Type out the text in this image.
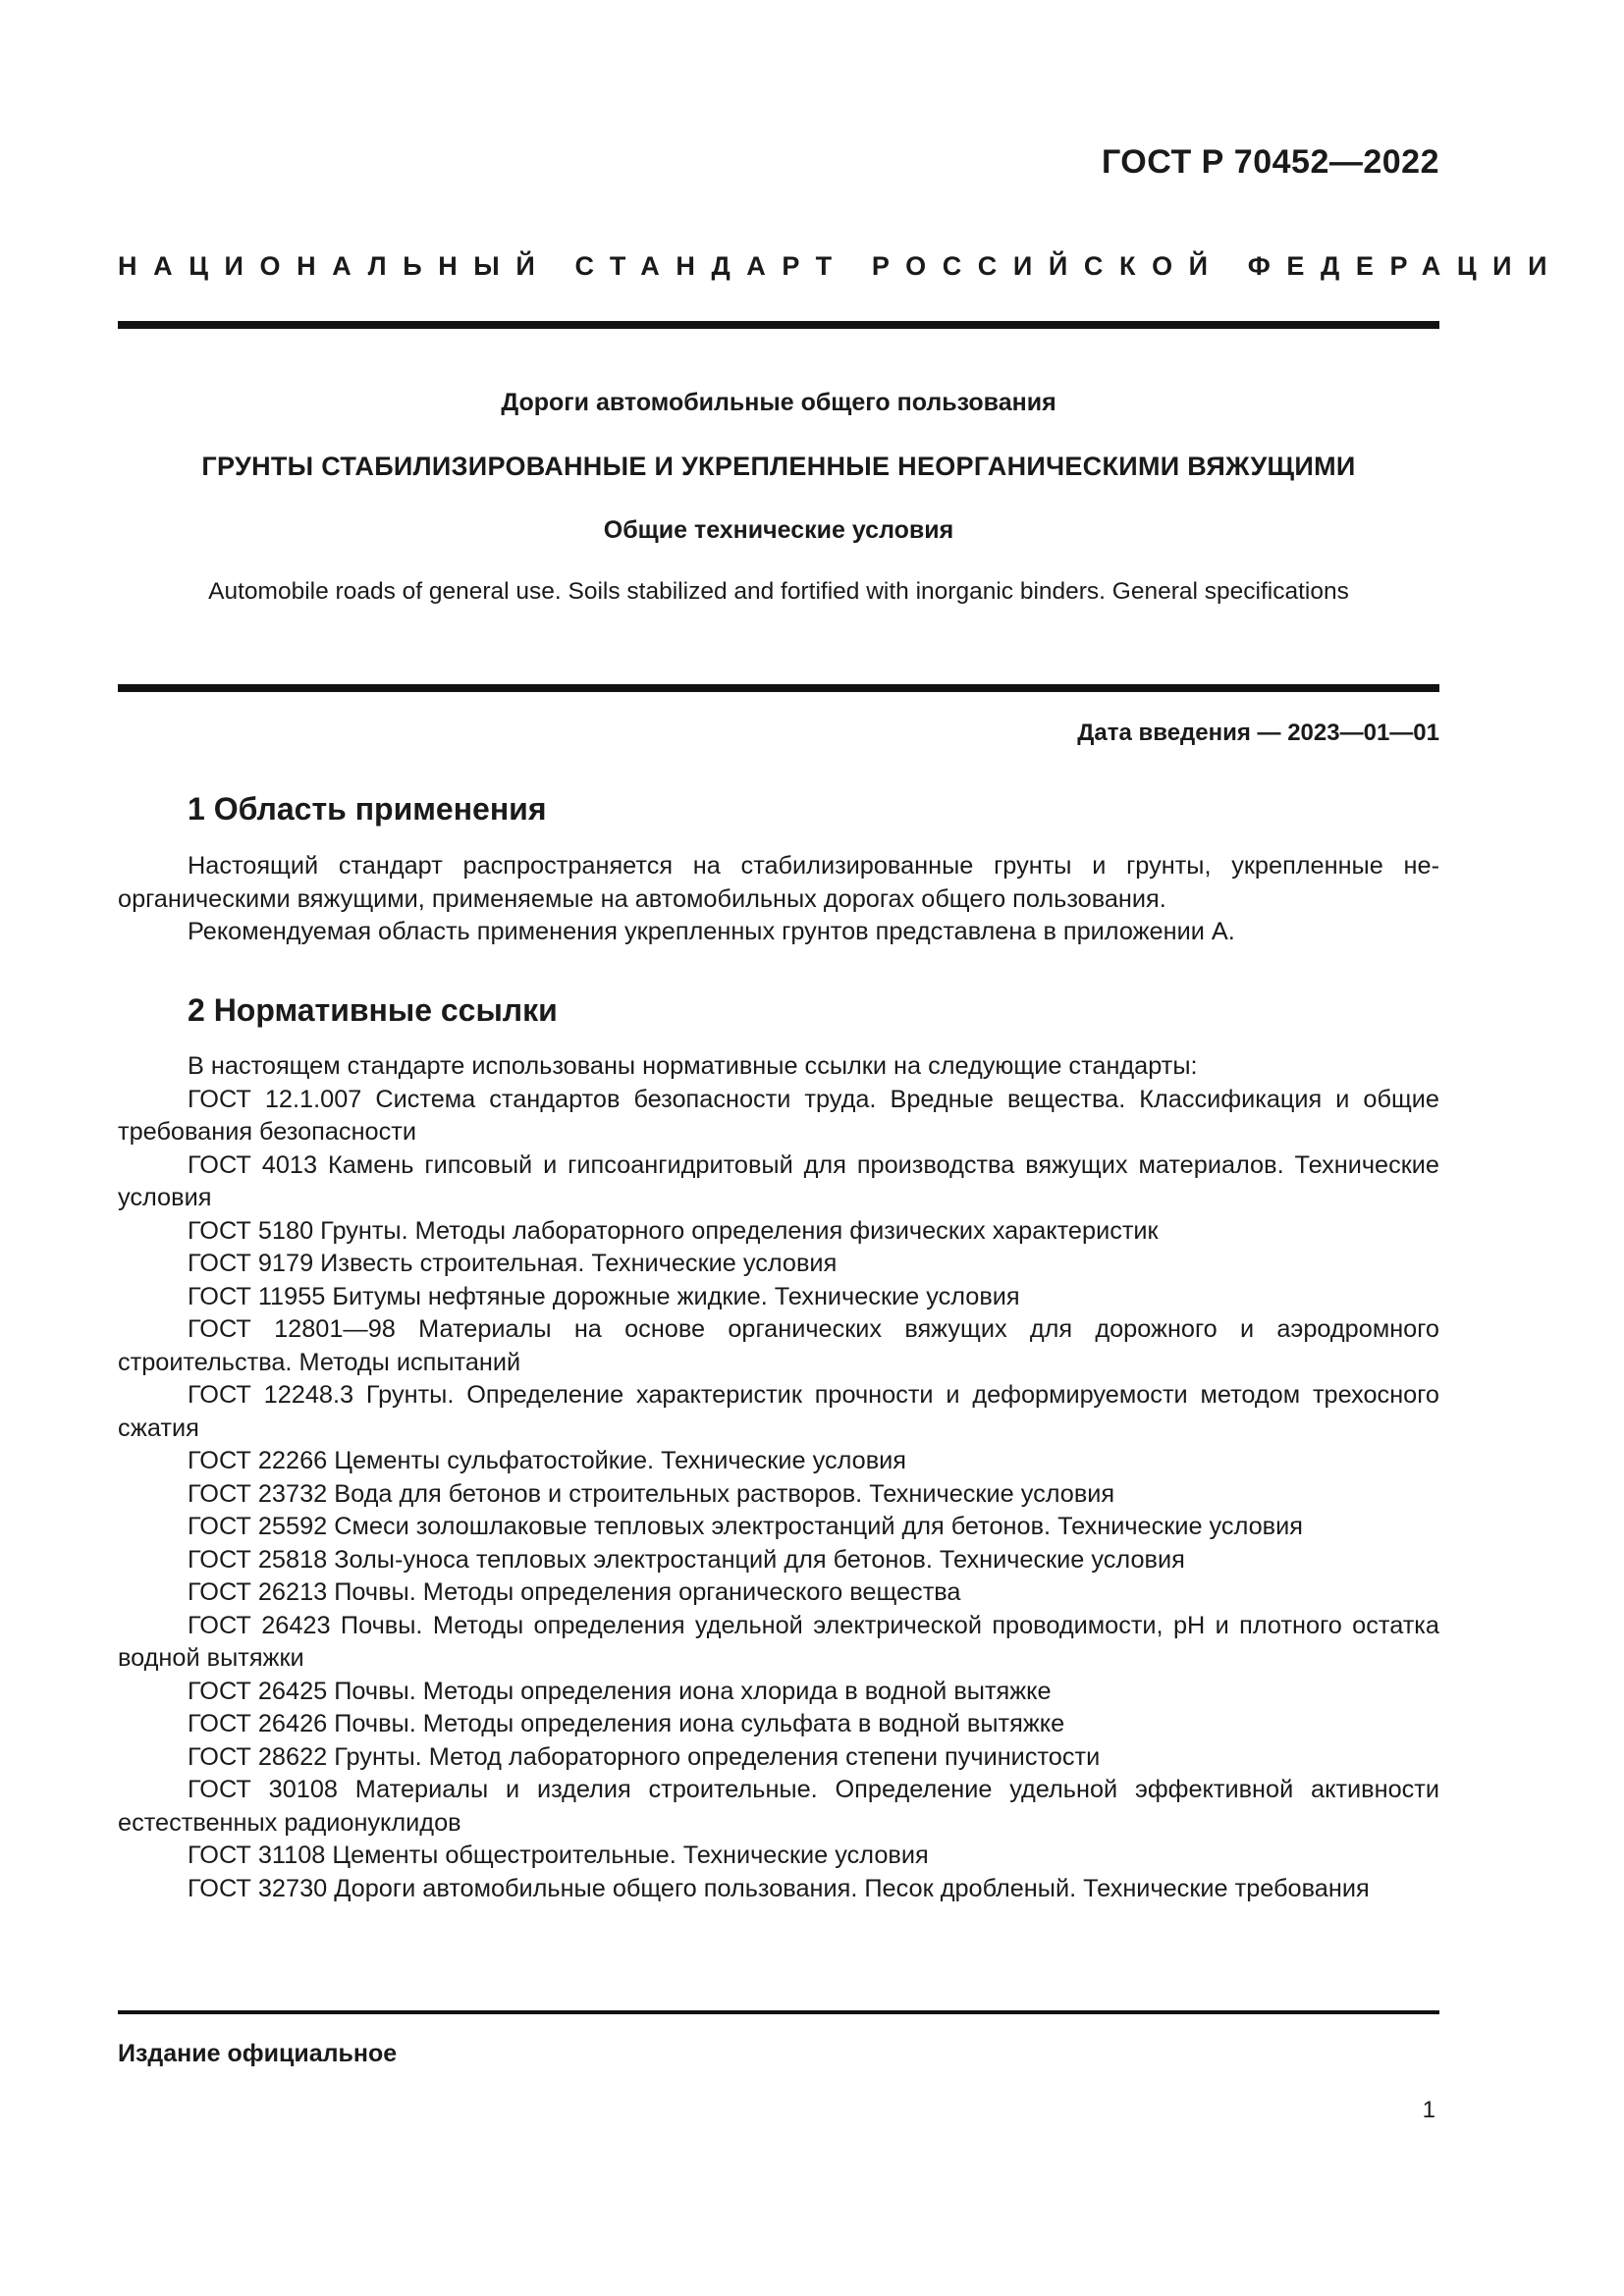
ГОСТ Р 70452—2022
НАЦИОНАЛЬНЫЙ СТАНДАРТ РОССИЙСКОЙ ФЕДЕРАЦИИ
Дороги автомобильные общего пользования
ГРУНТЫ СТАБИЛИЗИРОВАННЫЕ И УКРЕПЛЕННЫЕ НЕОРГАНИЧЕСКИМИ ВЯЖУЩИМИ
Общие технические условия
Automobile roads of general use. Soils stabilized and fortified with inorganic binders. General specifications
Дата введения — 2023—01—01
1 Область применения

Настоящий стандарт распространяется на стабилизированные грунты и грунты, укрепленные неорганическими вяжущими, применяемые на автомобильных дорогах общего пользования.

Рекомендуемая область применения укрепленных грунтов представлена в приложении А.

2 Нормативные ссылки

В настоящем стандарте использованы нормативные ссылки на следующие стандарты:

ГОСТ 12.1.007 Система стандартов безопасности труда. Вредные вещества. Классификация и общие требования безопасности

ГОСТ 4013 Камень гипсовый и гипсоангидритовый для производства вяжущих материалов. Технические условия

ГОСТ 5180 Грунты. Методы лабораторного определения физических характеристик

ГОСТ 9179 Известь строительная. Технические условия

ГОСТ 11955 Битумы нефтяные дорожные жидкие. Технические условия

ГОСТ 12801—98 Материалы на основе органических вяжущих для дорожного и аэродромного строительства. Методы испытаний

ГОСТ 12248.3 Грунты. Определение характеристик прочности и деформируемости методом трехосного сжатия

ГОСТ 22266 Цементы сульфатостойкие. Технические условия

ГОСТ 23732 Вода для бетонов и строительных растворов. Технические условия

ГОСТ 25592 Смеси золошлаковые тепловых электростанций для бетонов. Технические условия

ГОСТ 25818 Золы-уноса тепловых электростанций для бетонов. Технические условия

ГОСТ 26213 Почвы. Методы определения органического вещества

ГОСТ 26423 Почвы. Методы определения удельной электрической проводимости, рН и плотного остатка водной вытяжки

ГОСТ 26425 Почвы. Методы определения иона хлорида в водной вытяжке

ГОСТ 26426 Почвы. Методы определения иона сульфата в водной вытяжке

ГОСТ 28622 Грунты. Метод лабораторного определения степени пучинистости

ГОСТ 30108 Материалы и изделия строительные. Определение удельной эффективной активности естественных радионуклидов

ГОСТ 31108 Цементы общестроительные. Технические условия

ГОСТ 32730 Дороги автомобильные общего пользования. Песок дробленый. Технические требования

Издание официальное
1
